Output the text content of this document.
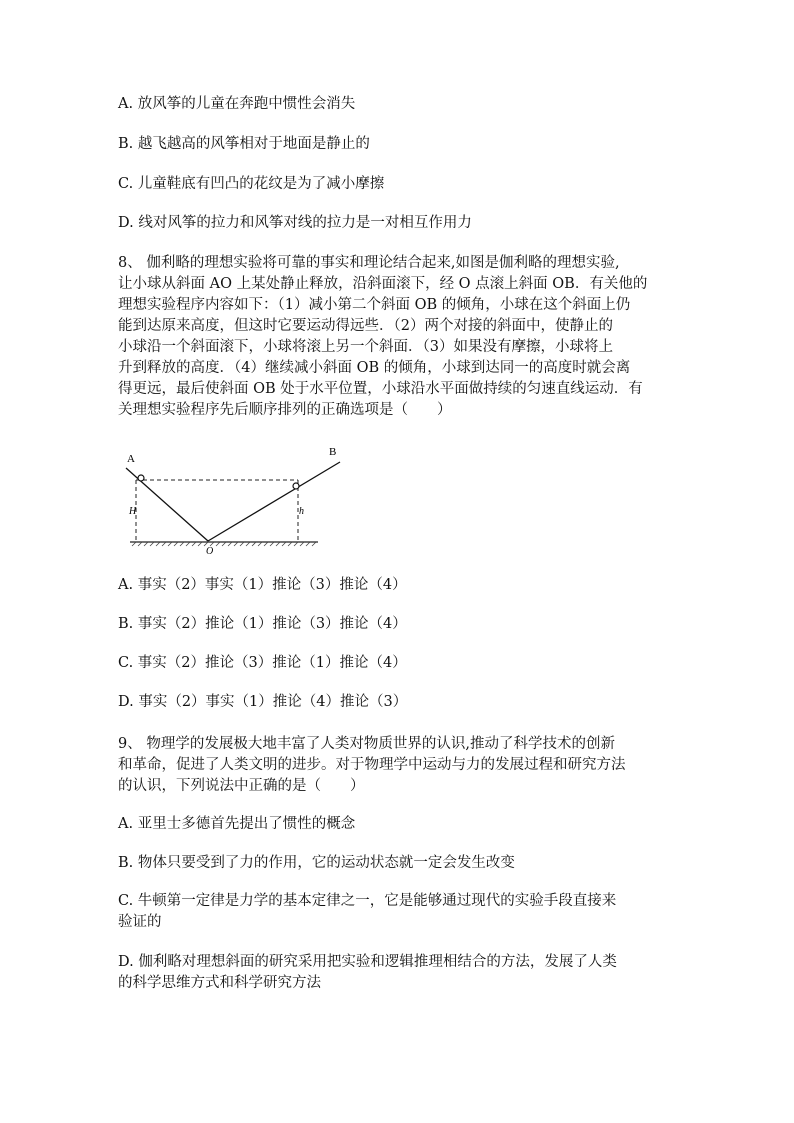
A. 放风筝的儿童在奔跑中惯性会消失
B. 越飞越高的风筝相对于地面是静止的
C. 儿童鞋底有凹凸的花纹是为了减小摩擦
D. 线对风筝的拉力和风筝对线的拉力是一对相互作用力
8、 伽利略的理想实验将可靠的事实和理论结合起来,如图是伽利略的理想实验,
让小球从斜面 AO 上某处静止释放，沿斜面滚下，经 O 点滚上斜面 OB．有关他的
理想实验程序内容如下：（1）减小第二个斜面 OB 的倾角，小球在这个斜面上仍
能到达原来高度，但这时它要运动得远些．（2）两个对接的斜面中，使静止的
小球沿一个斜面滚下，小球将滚上另一个斜面．（3）如果没有摩擦，小球将上
升到释放的高度．（4）继续减小斜面 OB 的倾角，小球到达同一的高度时就会离
得更远，最后使斜面 OB 处于水平位置，小球沿水平面做持续的匀速直线运动．有
关理想实验程序先后顺序排列的正确选项是（　　）
A
B
O
H	h
A. 事实（2）事实（1）推论（3）推论（4）
B. 事实（2）推论（1）推论（3）推论（4）
C. 事实（2）推论（3）推论（1）推论（4）
D. 事实（2）事实（1）推论（4）推论（3）
9、 物理学的发展极大地丰富了人类对物质世界的认识,推动了科学技术的创新
和革命，促进了人类文明的进步。对于物理学中运动与力的发展过程和研究方法
的认识，下列说法中正确的是（　　）
A. 亚里士多德首先提出了惯性的概念
B. 物体只要受到了力的作用，它的运动状态就一定会发生改变
C. 牛顿第一定律是力学的基本定律之一，它是能够通过现代的实验手段直接来
验证的
D. 伽利略对理想斜面的研究采用把实验和逻辑推理相结合的方法，发展了人类
的科学思维方式和科学研究方法
